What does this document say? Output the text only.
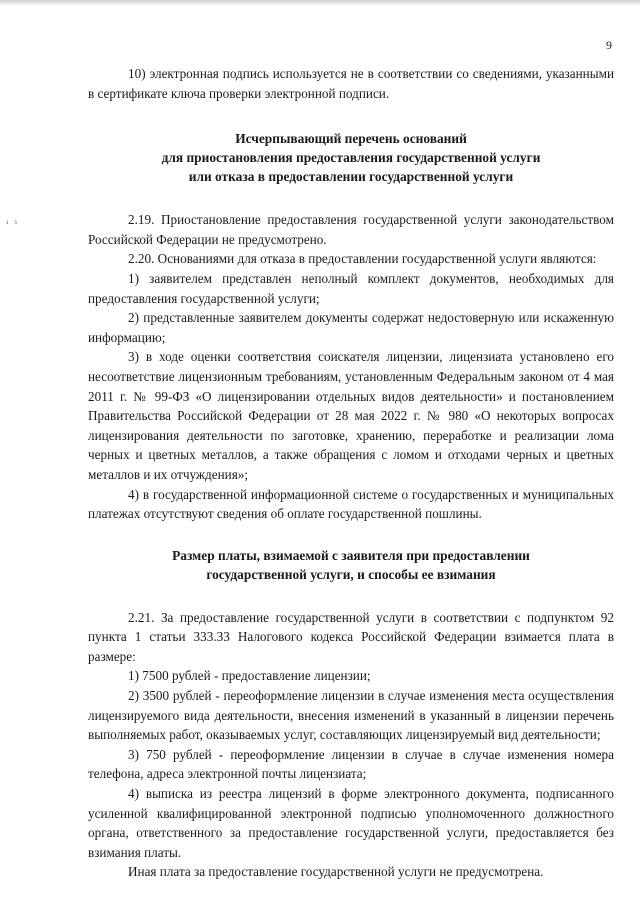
9
¹ ⁵

10) электронная подпись используется не в соответствии со сведениями, указанными в сертификате ключа проверки электронной подписи.

Исчерпывающий перечень оснований
для приостановления предоставления государственной услуги
или отказа в предоставлении государственной услуги

2.19. Приостановление предоставления государственной услуги законодательством Российской Федерации не предусмотрено.

2.20. Основаниями для отказа в предоставлении государственной услуги являются:

1) заявителем представлен неполный комплект документов, необходимых для предоставления государственной услуги;

2) представленные заявителем документы содержат недостоверную или искаженную информацию;

3) в ходе оценки соответствия соискателя лицензии, лицензиата установлено его несоответствие лицензионным требованиям, установленным Федеральным законом от 4 мая 2011 г. № 99-ФЗ «О лицензировании отдельных видов деятельности» и постановлением Правительства Российской Федерации от 28 мая 2022 г. № 980 «О некоторых вопросах лицензирования деятельности по заготовке, хранению, переработке и реализации лома черных и цветных металлов, а также обращения с ломом и отходами черных и цветных металлов и их отчуждения»;

4) в государственной информационной системе о государственных и муниципальных платежах отсутствуют сведения об оплате государственной пошлины.

Размер платы, взимаемой с заявителя при предоставлении
государственной услуги, и способы ее взимания

2.21. За предоставление государственной услуги в соответствии с подпунктом 92 пункта 1 статьи 333.33 Налогового кодекса Российской Федерации взимается плата в размере:

1) 7500 рублей - предоставление лицензии;

2) 3500 рублей - переоформление лицензии в случае изменения места осуществления лицензируемого вида деятельности, внесения изменений в указанный в лицензии перечень выполняемых работ, оказываемых услуг, составляющих лицензируемый вид деятельности;

3) 750 рублей - переоформление лицензии в случае в случае изменения номера телефона, адреса электронной почты лицензиата;

4) выписка из реестра лицензий в форме электронного документа, подписанного усиленной квалифицированной электронной подписью уполномоченного должностного органа, ответственного за предоставление государственной услуги, предоставляется без взимания платы.

Иная плата за предоставление государственной услуги не предусмотрена.
